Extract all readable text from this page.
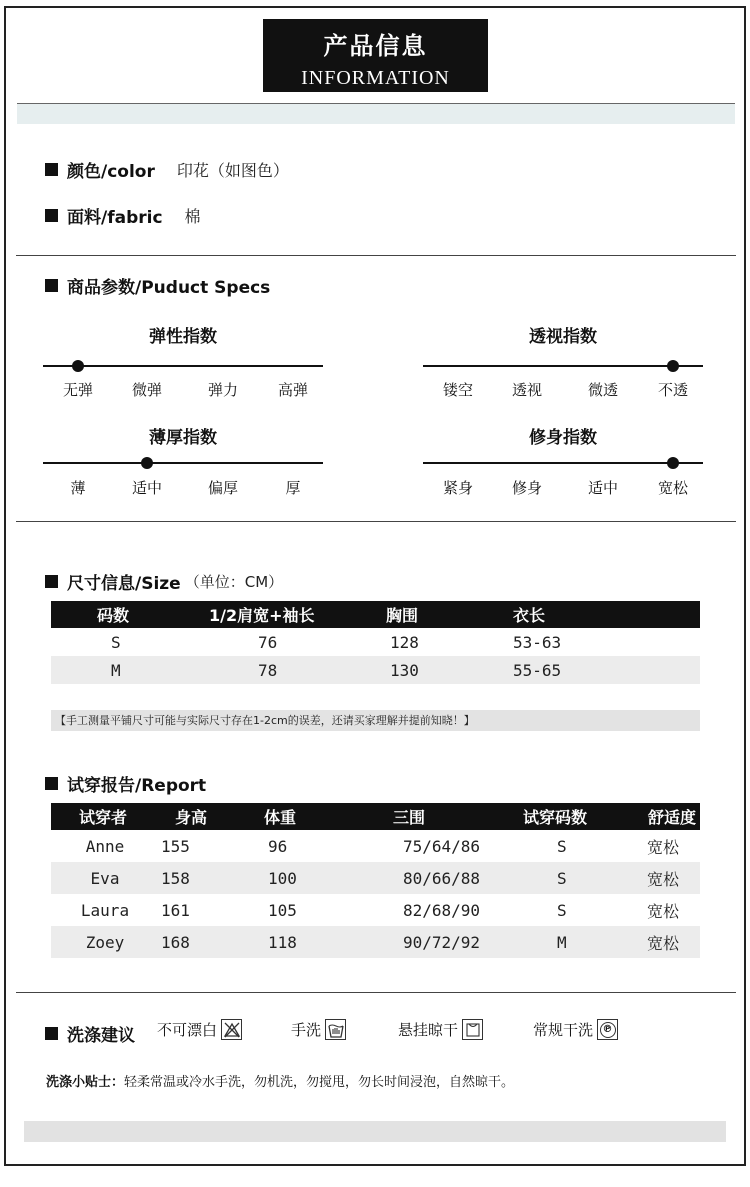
产品信息
INFORMATION
颜色/color 印花（如图色）
面料/fabric 棉
商品参数/Puduct Specs
弹性指数
无弹	微弹	弹力	高弹
透视指数
镂空	透视	微透	不透
薄厚指数
薄	适中	偏厚	厚
修身指数
紧身	修身	适中	宽松
尺寸信息/Size （单位：CM）
码数	1/2肩宽+袖长	胸围	衣长
S	76	128	53-63
M	78	130	55-65
【手工测量平铺尺寸可能与实际尺寸存在1-2cm的误差，还请买家理解并提前知晓！】
试穿报告/Report
试穿者	身高	体重	三围	试穿码数	舒适度
Anne	155	96	75/64/86	S	宽松
Eva	158	100	80/66/88	S	宽松
Laura	161	105	82/68/90	S	宽松
Zoey	168	118	90/72/92	M	宽松
洗涤建议 不可漂白	手洗	悬挂晾干	常规干洗 ℗
洗涤小贴士：轻柔常温或冷水手洗，勿机洗，勿搅甩，勿长时间浸泡，自然晾干。
